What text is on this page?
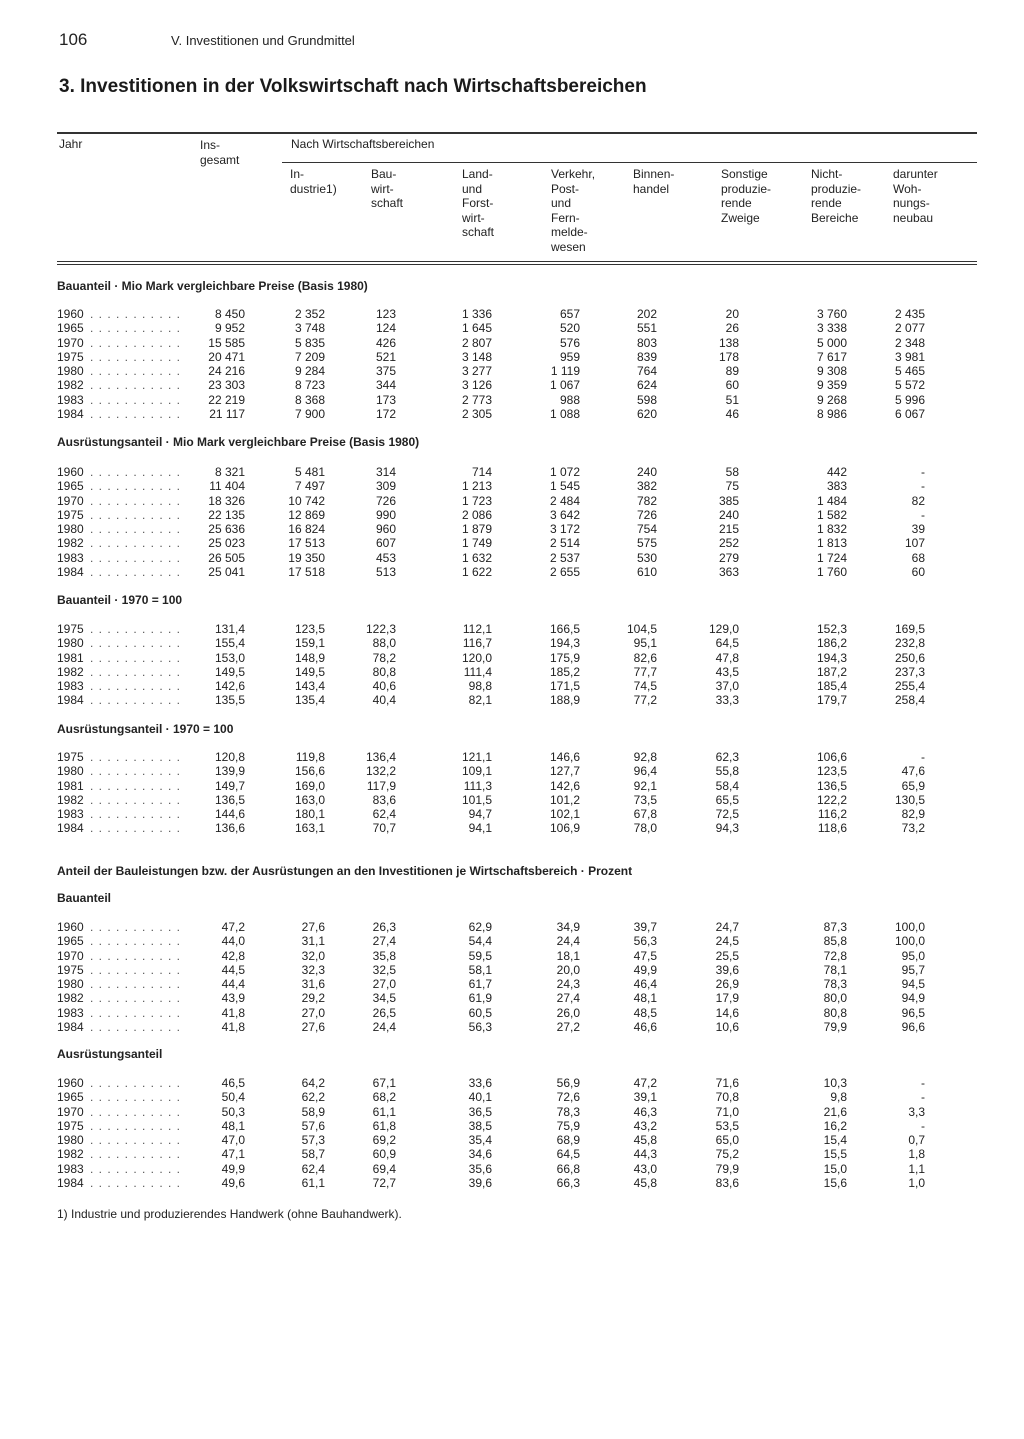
106	V. Investitionen und Grundmittel
3. Investitionen in der Volkswirtschaft nach Wirtschaftsbereichen
Jahr	Ins-
gesamt
Nach Wirtschaftsbereichen
In-
dustrie1)
Bau-
wirt-
schaft
Land-
und
Forst-
wirt-
schaft
Verkehr,
Post-
und
Fern-
melde-
wesen
Binnen-
handel
Sonstige
produzie-
rende
Zweige
Nicht-
produzie-
rende
Bereiche
darunter
Woh-
nungs-
neubau
Bauanteil · Mio Mark vergleichbare Preise (Basis 1980)
Ausrüstungsanteil · Mio Mark vergleichbare Preise (Basis 1980)
Bauanteil · 1970 = 100
Ausrüstungsanteil · 1970 = 100
Anteil der Bauleistungen bzw. der Ausrüstungen an den Investitionen je Wirtschaftsbereich · Prozent
Bauanteil
Ausrüstungsanteil
1960 . . . . . . . . . . .	8 450	2 352	123	1 336	657	202	20	3 760	2 435
1965 . . . . . . . . . . .	9 952	3 748	124	1 645	520	551	26	3 338	2 077
1970 . . . . . . . . . . . 15 585	5 835	426	2 807	576	803	138	5 000	2 348
1975 . . . . . . . . . . . 20 471	7 209	521	3 148	959	839	178	7 617	3 981
1980 . . . . . . . . . . . 24 216	9 284	375	3 277	1 119	764	89	9 308	5 465
1982 . . . . . . . . . . . 23 303	8 723	344	3 126	1 067	624	60	9 359	5 572
1983 . . . . . . . . . . . 22 219	8 368	173	2 773	988	598	51	9 268	5 996
1984 . . . . . . . . . . . 21 117	7 900	172	2 305	1 088	620	46	8 986	6 067
1960 . . . . . . . . . . .	8 321	5 481	314	714	1 072	240	58	442	-
1965 . . . . . . . . . . . 11 404	7 497	309	1 213	1 545	382	75	383	-
1970 . . . . . . . . . . . 18 326	10 742	726	1 723	2 484	782	385	1 484	82
1975 . . . . . . . . . . . 22 135	12 869	990	2 086	3 642	726	240	1 582	-
1980 . . . . . . . . . . . 25 636	16 824	960	1 879	3 172	754	215	1 832	39
1982 . . . . . . . . . . . 25 023	17 513	607	1 749	2 514	575	252	1 813	107
1983 . . . . . . . . . . . 26 505	19 350	453	1 632	2 537	530	279	1 724	68
1984 . . . . . . . . . . . 25 041	17 518	513	1 622	2 655	610	363	1 760	60
1975 . . . . . . . . . . .	131,4	123,5	122,3	112,1	166,5	104,5	129,0	152,3	169,5
1980 . . . . . . . . . . .	155,4	159,1	88,0	116,7	194,3	95,1	64,5	186,2	232,8
1981 . . . . . . . . . . .	153,0	148,9	78,2	120,0	175,9	82,6	47,8	194,3	250,6
1982 . . . . . . . . . . .	149,5	149,5	80,8	111,4	185,2	77,7	43,5	187,2	237,3
1983 . . . . . . . . . . .	142,6	143,4	40,6	98,8	171,5	74,5	37,0	185,4	255,4
1984 . . . . . . . . . . .	135,5	135,4	40,4	82,1	188,9	77,2	33,3	179,7	258,4
1975 . . . . . . . . . . .	120,8	119,8	136,4	121,1	146,6	92,8	62,3	106,6	-
1980 . . . . . . . . . . .	139,9	156,6	132,2	109,1	127,7	96,4	55,8	123,5	47,6
1981 . . . . . . . . . . .	149,7	169,0	117,9	111,3	142,6	92,1	58,4	136,5	65,9
1982 . . . . . . . . . . .	136,5	163,0	83,6	101,5	101,2	73,5	65,5	122,2	130,5
1983 . . . . . . . . . . .	144,6	180,1	62,4	94,7	102,1	67,8	72,5	116,2	82,9
1984 . . . . . . . . . . .	136,6	163,1	70,7	94,1	106,9	78,0	94,3	118,6	73,2
1960 . . . . . . . . . . .	47,2	27,6	26,3	62,9	34,9	39,7	24,7	87,3	100,0
1965 . . . . . . . . . . .	44,0	31,1	27,4	54,4	24,4	56,3	24,5	85,8	100,0
1970 . . . . . . . . . . .	42,8	32,0	35,8	59,5	18,1	47,5	25,5	72,8	95,0
1975 . . . . . . . . . . .	44,5	32,3	32,5	58,1	20,0	49,9	39,6	78,1	95,7
1980 . . . . . . . . . . .	44,4	31,6	27,0	61,7	24,3	46,4	26,9	78,3	94,5
1982 . . . . . . . . . . .	43,9	29,2	34,5	61,9	27,4	48,1	17,9	80,0	94,9
1983 . . . . . . . . . . .	41,8	27,0	26,5	60,5	26,0	48,5	14,6	80,8	96,5
1984 . . . . . . . . . . .	41,8	27,6	24,4	56,3	27,2	46,6	10,6	79,9	96,6
1960 . . . . . . . . . . .	46,5	64,2	67,1	33,6	56,9	47,2	71,6	10,3	-
1965 . . . . . . . . . . .	50,4	62,2	68,2	40,1	72,6	39,1	70,8	9,8	-
1970 . . . . . . . . . . .	50,3	58,9	61,1	36,5	78,3	46,3	71,0	21,6	3,3
1975 . . . . . . . . . . .	48,1	57,6	61,8	38,5	75,9	43,2	53,5	16,2	-
1980 . . . . . . . . . . .	47,0	57,3	69,2	35,4	68,9	45,8	65,0	15,4	0,7
1982 . . . . . . . . . . .	47,1	58,7	60,9	34,6	64,5	44,3	75,2	15,5	1,8
1983 . . . . . . . . . . .	49,9	62,4	69,4	35,6	66,8	43,0	79,9	15,0	1,1
1984 . . . . . . . . . . .	49,6	61,1	72,7	39,6	66,3	45,8	83,6	15,6	1,0
1) Industrie und produzierendes Handwerk (ohne Bauhandwerk).
